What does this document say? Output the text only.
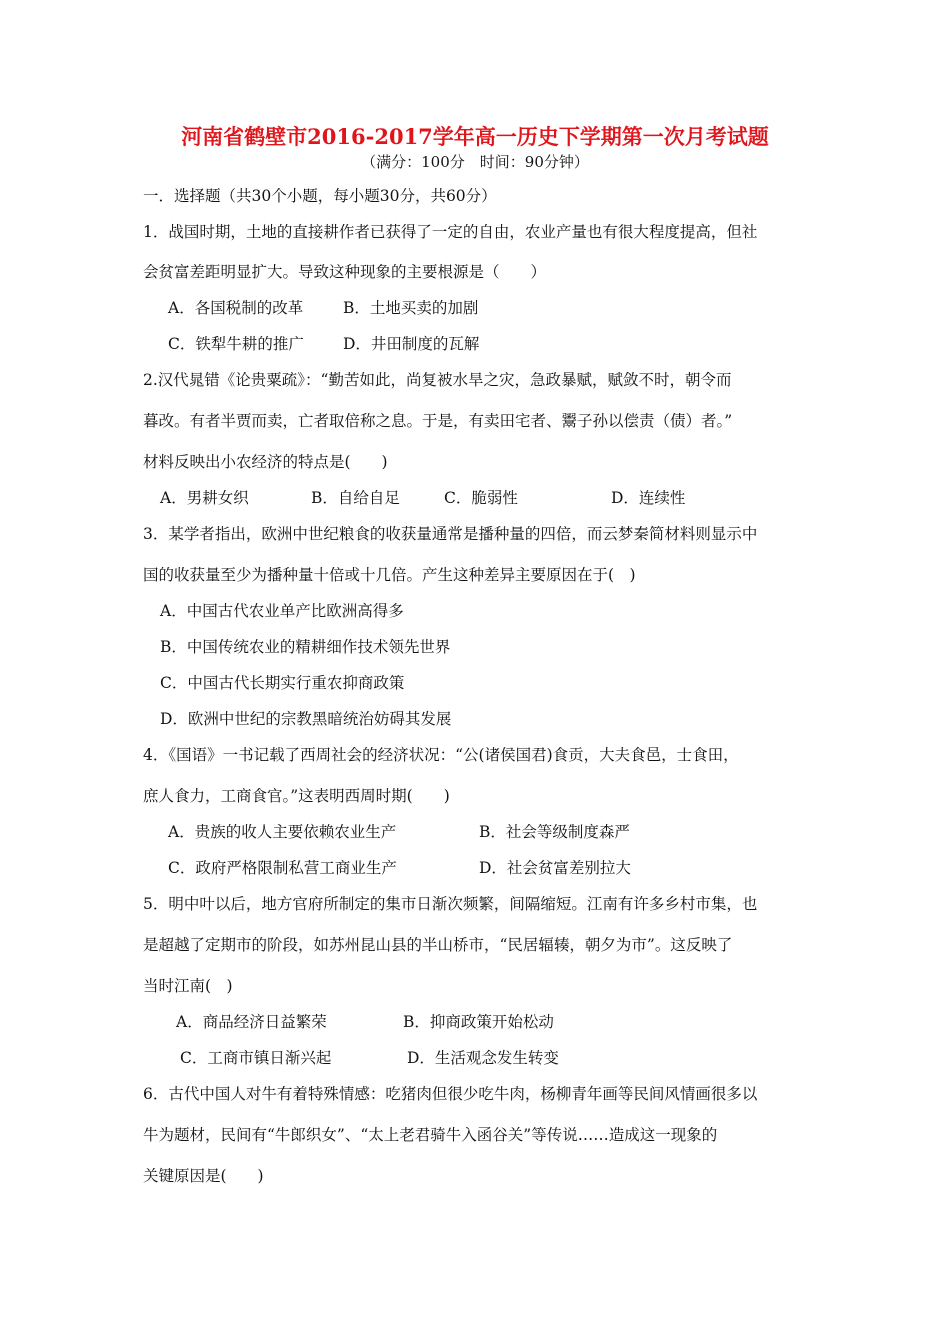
河南省鹤壁市2016-2017学年高一历史下学期第一次月考试题
（满分：100分　时间：90分钟）
一．选择题（共30个小题，每小题30分，共60分）
1．战国时期，土地的直接耕作者已获得了一定的自由，农业产量也有很大程度提高，但社
会贫富差距明显扩大。导致这种现象的主要根源是（　　）
A．各国税制的改革	B．土地买卖的加剧
C．铁犁牛耕的推广	D．井田制度的瓦解
2.汉代晁错《论贵粟疏》：“勤苦如此，尚复被水旱之灾，急政暴赋，赋敛不时，朝令而
暮改。有者半贾而卖，亡者取倍称之息。于是，有卖田宅者、鬻子孙以偿责（债）者。”
材料反映出小农经济的特点是(　　)
A．男耕女织	B．自给自足	C．脆弱性	D．连续性
3．某学者指出，欧洲中世纪粮食的收获量通常是播种量的四倍，而云梦秦简材料则显示中
国的收获量至少为播种量十倍或十几倍。产生这种差异主要原因在于(　)
A．中国古代农业单产比欧洲高得多
B．中国传统农业的精耕细作技术领先世界
C．中国古代长期实行重农抑商政策
D．欧洲中世纪的宗教黑暗统治妨碍其发展
4．《国语》一书记载了西周社会的经济状况：“公(诸侯国君)食贡，大夫食邑，士食田，
庶人食力，工商食官。”这表明西周时期(　　)
A．贵族的收人主要依赖农业生产	B．社会等级制度森严
C．政府严格限制私营工商业生产	D．社会贫富差别拉大
5．明中叶以后，地方官府所制定的集市日渐次频繁，间隔缩短。江南有许多乡村市集，也
是超越了定期市的阶段，如苏州昆山县的半山桥市，“民居辐辏，朝夕为市”。这反映了
当时江南(　)
A．商品经济日益繁荣	B．抑商政策开始松动
C．工商市镇日渐兴起	D．生活观念发生转变
6．古代中国人对牛有着特殊情感：吃猪肉但很少吃牛肉，杨柳青年画等民间风情画很多以
牛为题材，民间有“牛郎织女”、“太上老君骑牛入函谷关”等传说……造成这一现象的
关键原因是(　　)
